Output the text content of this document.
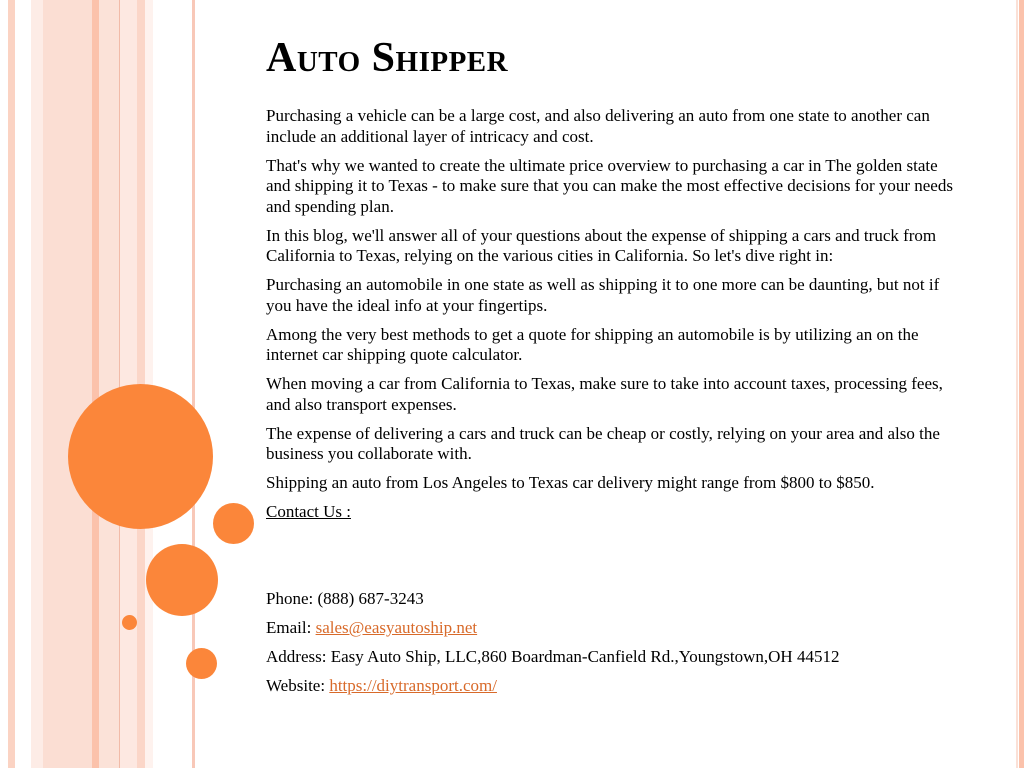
Auto Shipper

Purchasing a vehicle can be a large cost, and also delivering an auto from one state to another can include an additional layer of intricacy and cost.

That's why we wanted to create the ultimate price overview to purchasing a car in The golden state and shipping it to Texas - to make sure that you can make the most effective decisions for your needs and spending plan.

In this blog, we'll answer all of your questions about the expense of shipping a cars and truck from California to Texas, relying on the various cities in California. So let's dive right in:

Purchasing an automobile in one state as well as shipping it to one more can be daunting, but not if you have the ideal info at your fingertips.

Among the very best methods to get a quote for shipping an automobile is by utilizing an on the internet car shipping quote calculator.

When moving a car from California to Texas, make sure to take into account taxes, processing fees, and also transport expenses.

The expense of delivering a cars and truck can be cheap or costly, relying on your area and also the business you collaborate with.

Shipping an auto from Los Angeles to Texas car delivery might range from $800 to $850.

Contact Us :

Phone: (888) 687-3243

Email: sales@easyautoship.net

Address: Easy Auto Ship, LLC,860 Boardman-Canfield Rd.,Youngstown,OH 44512

Website: https://diytransport.com/
